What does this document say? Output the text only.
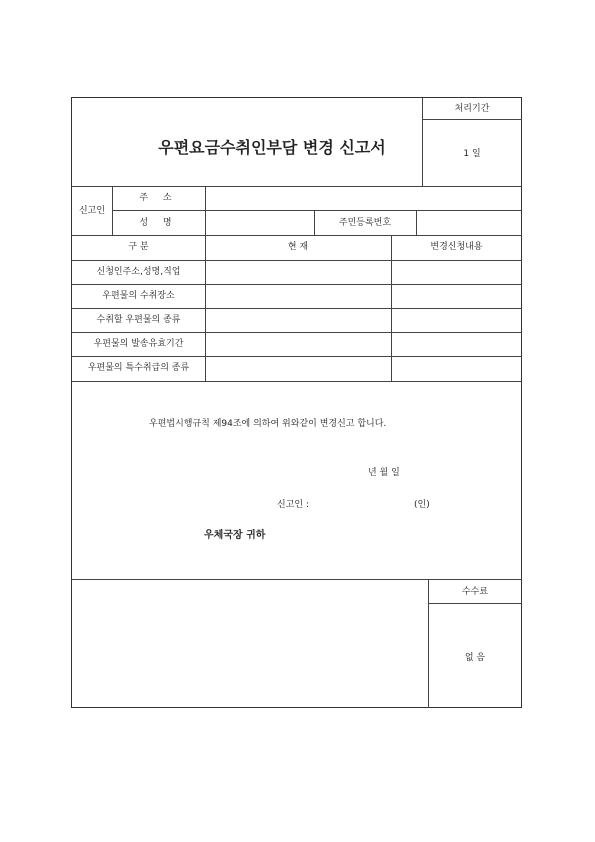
우편요금수취인부담 변경 신고서
처리기간
1 일
신고인
주 소
성 명	주민등록번호
구 분	현 재	변경신청내용
신청인주소,성명,직업
우편물의 수취장소
수취할 우편물의 종류
우편물의 발송유효기간
우편물의 특수취급의 종류
우편법시행규칙 제94조에 의하여 위와같이 변경신고 합니다.
년 월 일
신고인 :	(인)
우체국장 귀하
수수료
없 음
